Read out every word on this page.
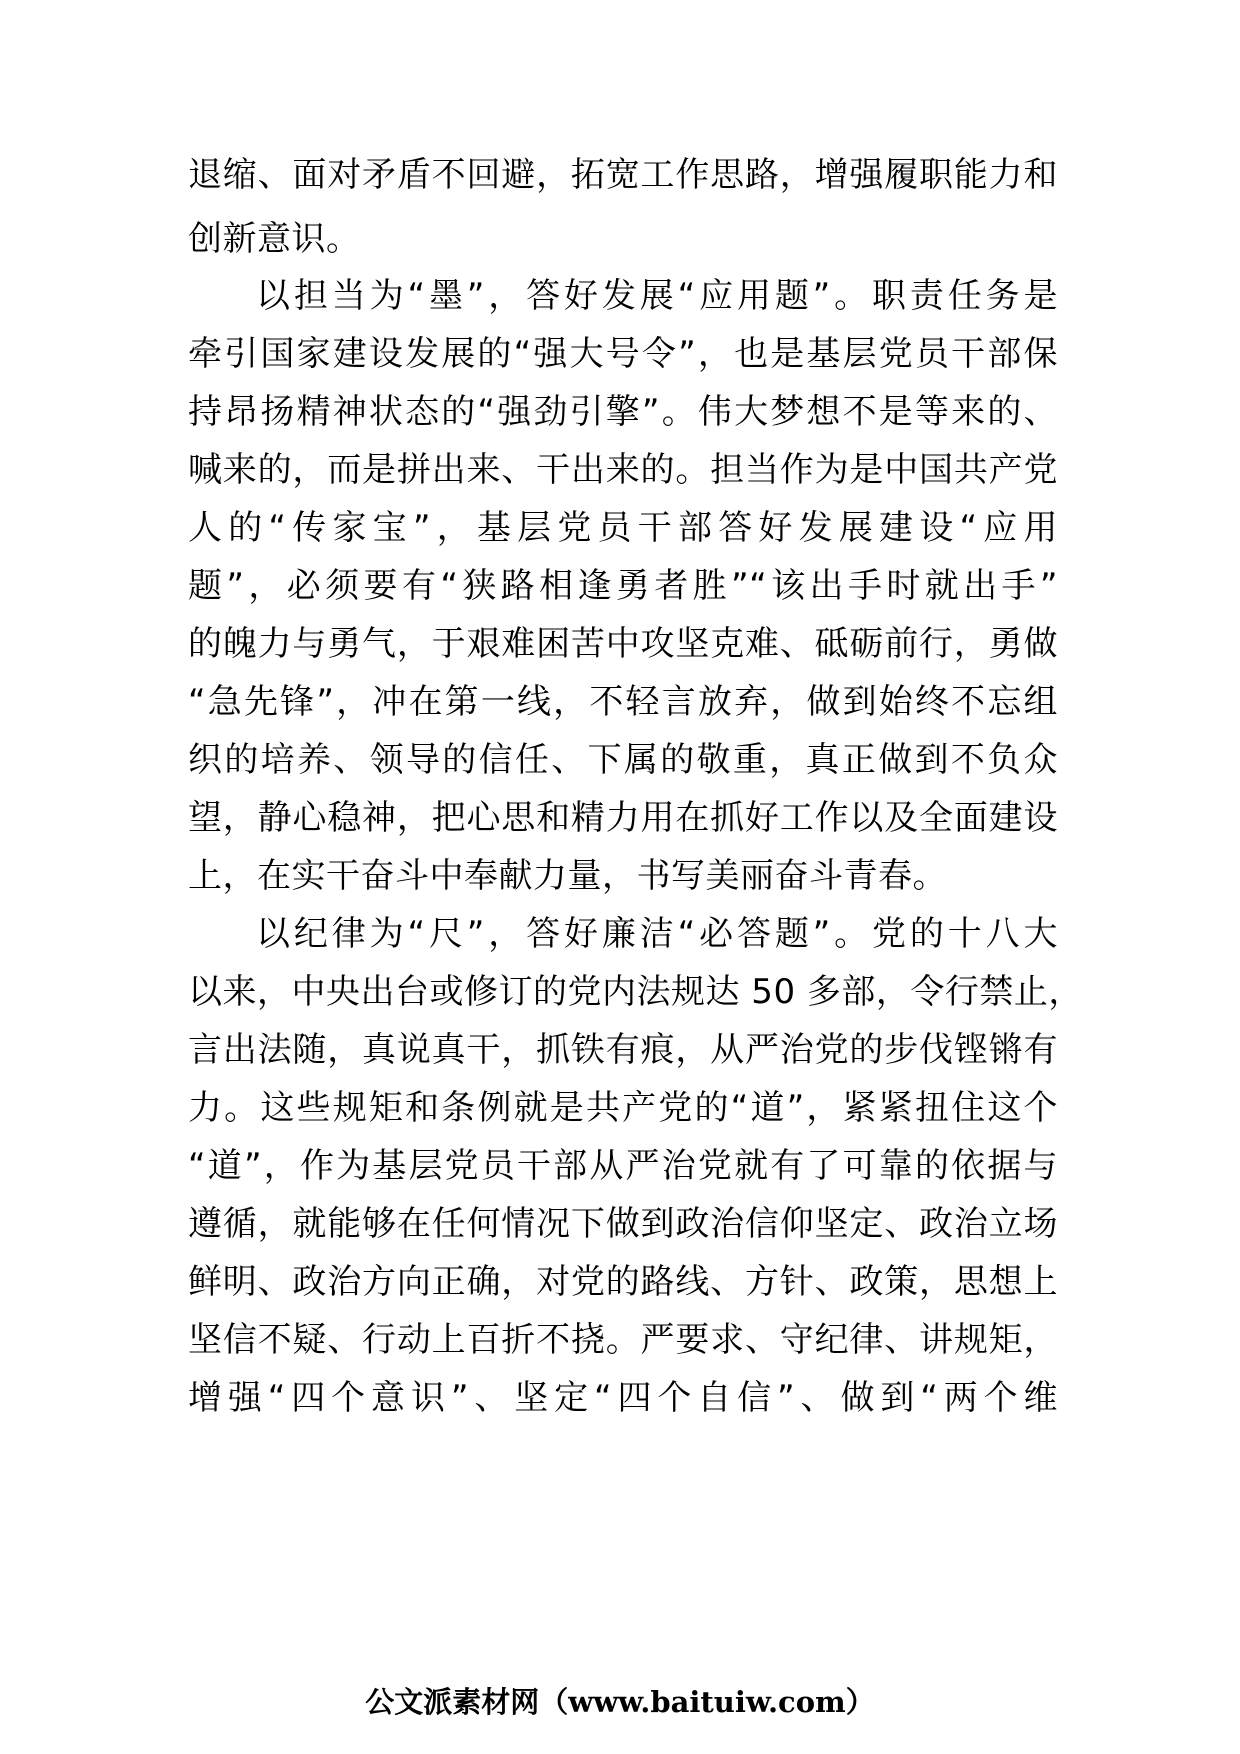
退缩、面对矛盾不回避，拓宽工作思路，增强履职能力和
创新意识。
以担当为“墨”，答好发展“应用题”。职责任务是
牵引国家建设发展的“强大号令”，也是基层党员干部保
持昂扬精神状态的“强劲引擎”。伟大梦想不是等来的、
喊来的，而是拼出来、干出来的。担当作为是中国共产党
人的“传家宝”，基层党员干部答好发展建设“应用
题”，必须要有“狭路相逢勇者胜”“该出手时就出手”
的魄力与勇气，于艰难困苦中攻坚克难、砥砺前行，勇做
“急先锋”，冲在第一线，不轻言放弃，做到始终不忘组
织的培养、领导的信任、下属的敬重，真正做到不负众
望，静心稳神，把心思和精力用在抓好工作以及全面建设
上，在实干奋斗中奉献力量，书写美丽奋斗青春。
以纪律为“尺”，答好廉洁“必答题”。党的十八大
以来，中央出台或修订的党内法规达 50 多部，令行禁止，
言出法随，真说真干，抓铁有痕，从严治党的步伐铿锵有
力。这些规矩和条例就是共产党的“道”，紧紧扭住这个
“道”，作为基层党员干部从严治党就有了可靠的依据与
遵循，就能够在任何情况下做到政治信仰坚定、政治立场
鲜明、政治方向正确，对党的路线、方针、政策，思想上
坚信不疑、行动上百折不挠。严要求、守纪律、讲规矩，
增强“四个意识”、坚定“四个自信”、做到“两个维
公文派素材网（www.baituiw.com）
